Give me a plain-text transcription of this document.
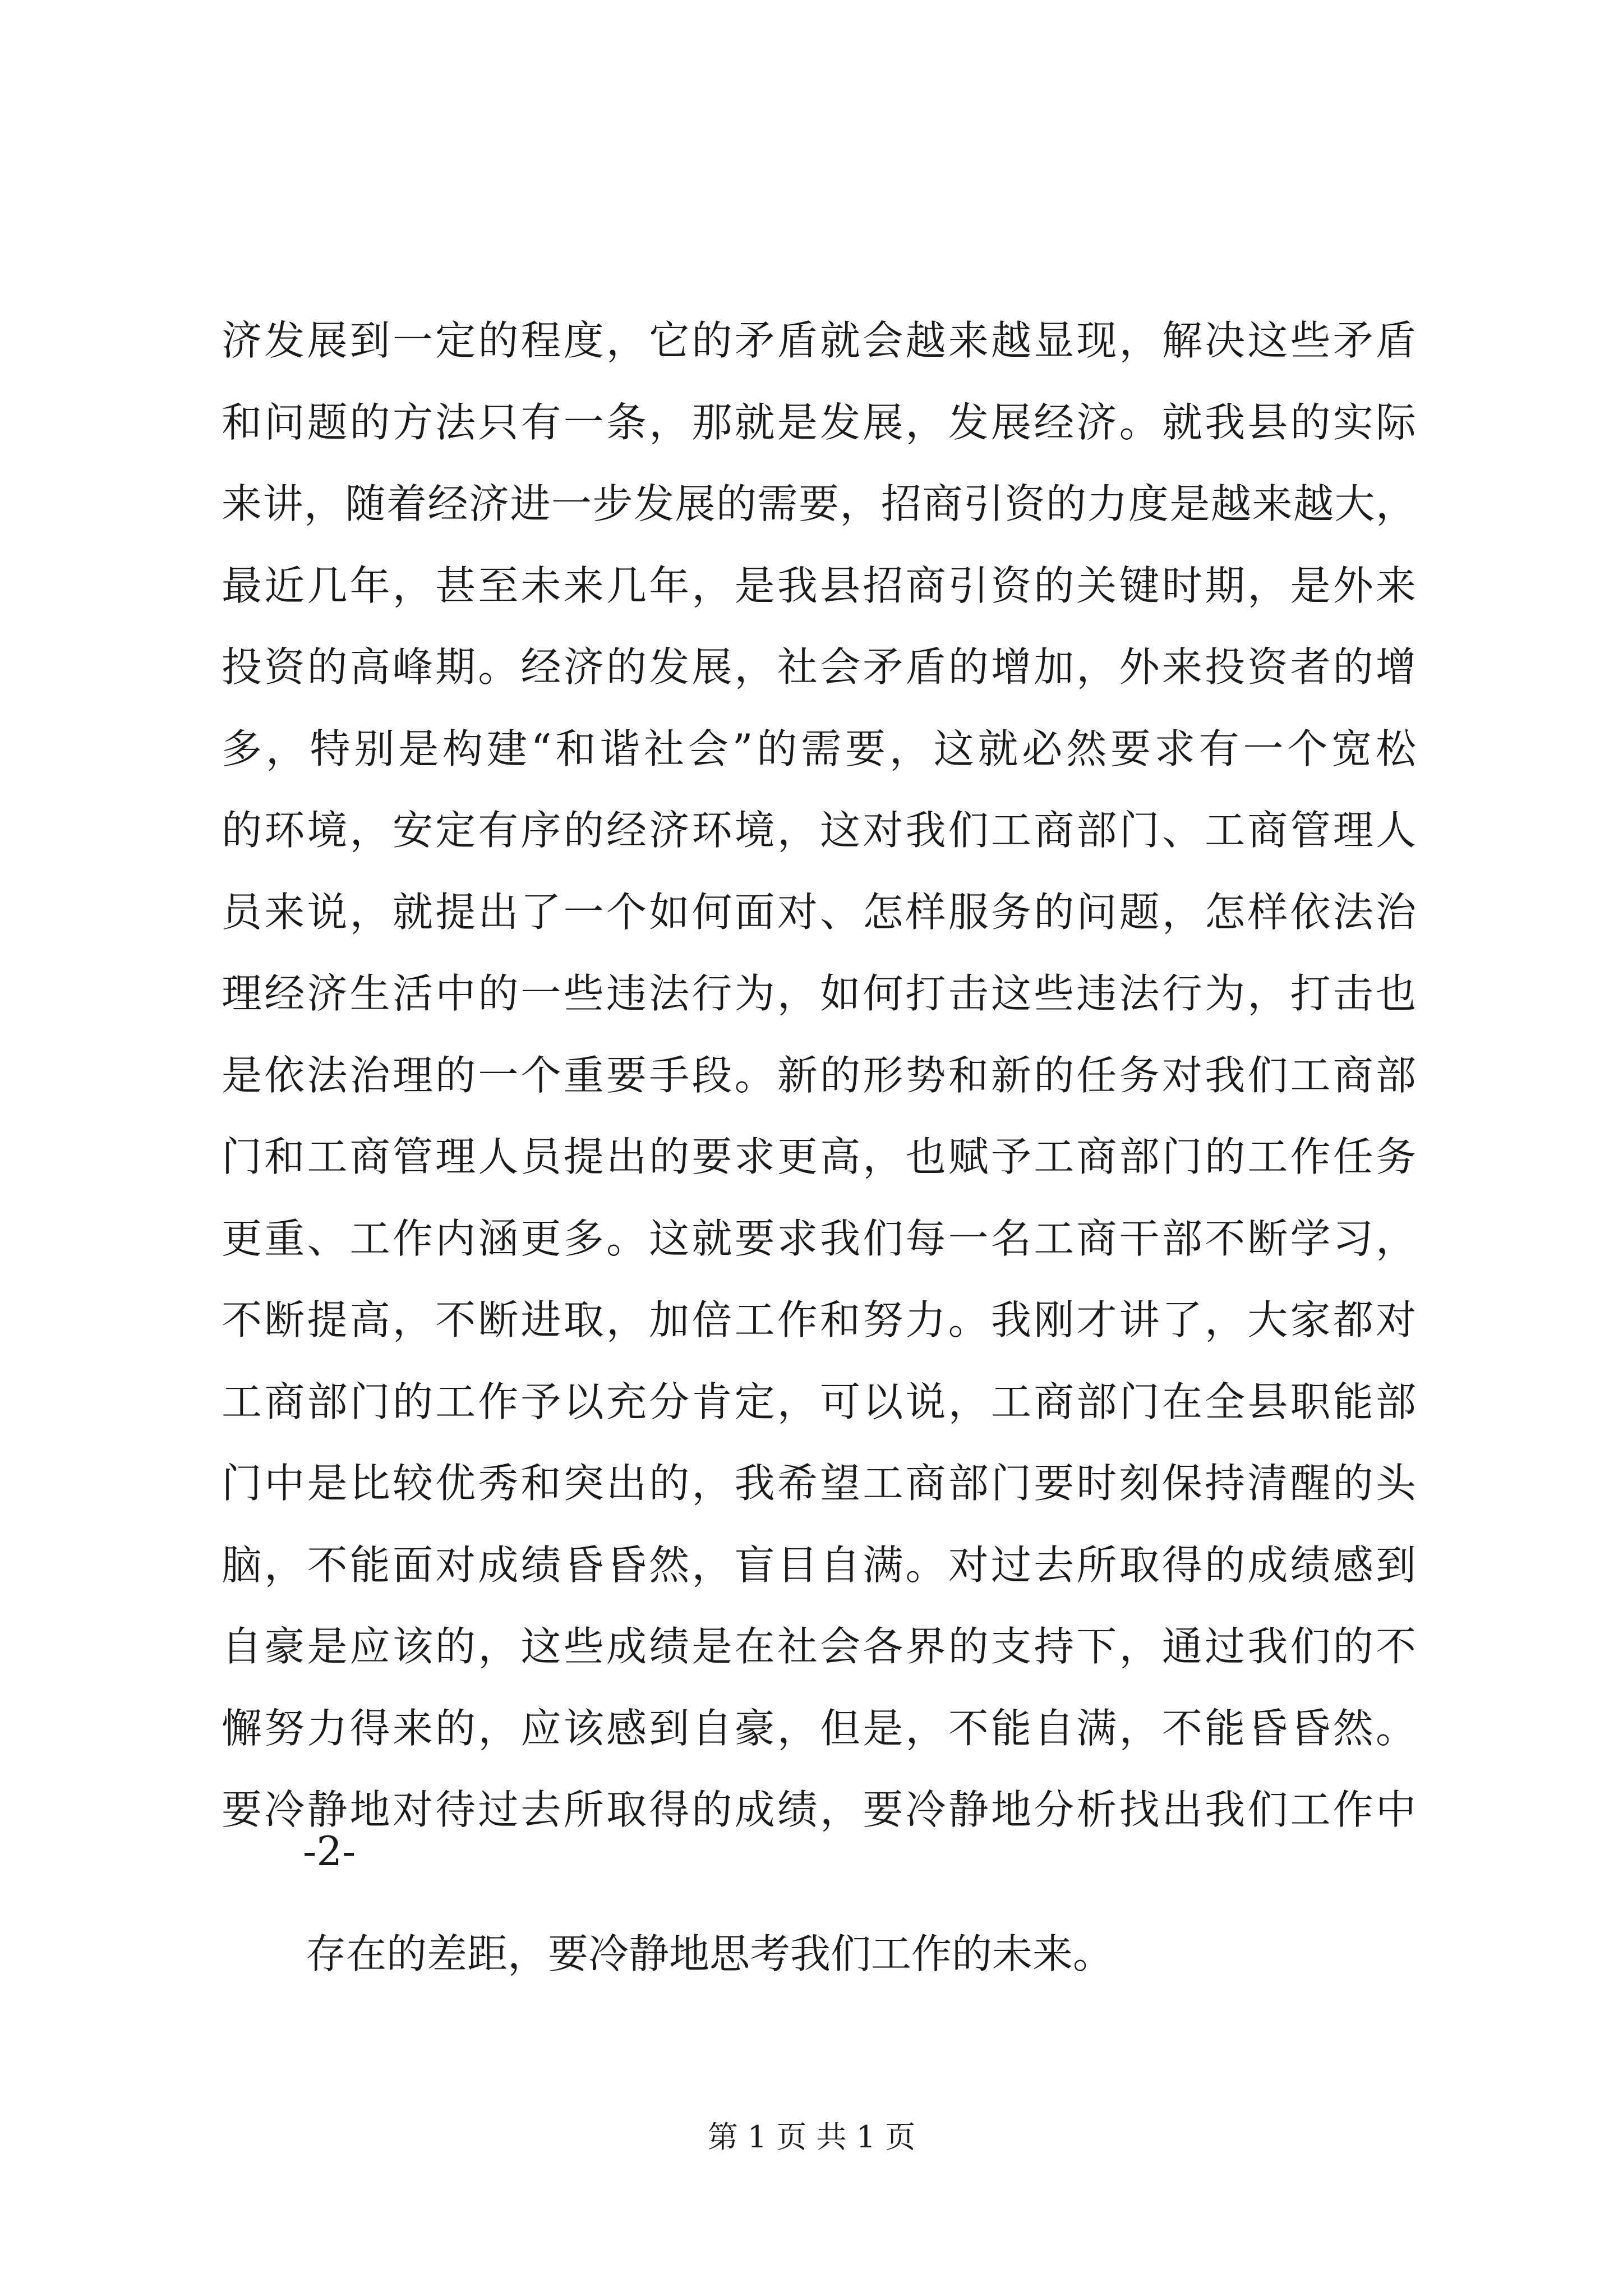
济发展到一定的程度，它的矛盾就会越来越显现，解决这些矛盾
和问题的方法只有一条，那就是发展，发展经济。就我县的实际
来讲，随着经济进一步发展的需要，招商引资的力度是越来越大，
最近几年，甚至未来几年，是我县招商引资的关键时期，是外来
投资的高峰期。经济的发展，社会矛盾的增加，外来投资者的增
多，特别是构建“和谐社会”的需要，这就必然要求有一个宽松
的环境，安定有序的经济环境，这对我们工商部门、工商管理人
员来说，就提出了一个如何面对、怎样服务的问题，怎样依法治
理经济生活中的一些违法行为，如何打击这些违法行为，打击也
是依法治理的一个重要手段。新的形势和新的任务对我们工商部
门和工商管理人员提出的要求更高，也赋予工商部门的工作任务
更重、工作内涵更多。这就要求我们每一名工商干部不断学习，
不断提高，不断进取，加倍工作和努力。我刚才讲了，大家都对
工商部门的工作予以充分肯定，可以说，工商部门在全县职能部
门中是比较优秀和突出的，我希望工商部门要时刻保持清醒的头
脑，不能面对成绩昏昏然，盲目自满。对过去所取得的成绩感到
自豪是应该的，这些成绩是在社会各界的支持下，通过我们的不
懈努力得来的，应该感到自豪，但是，不能自满，不能昏昏然。
要冷静地对待过去所取得的成绩，要冷静地分析找出我们工作中
-2-
存在的差距，要冷静地思考我们工作的未来。
第 1 页 共 1 页
